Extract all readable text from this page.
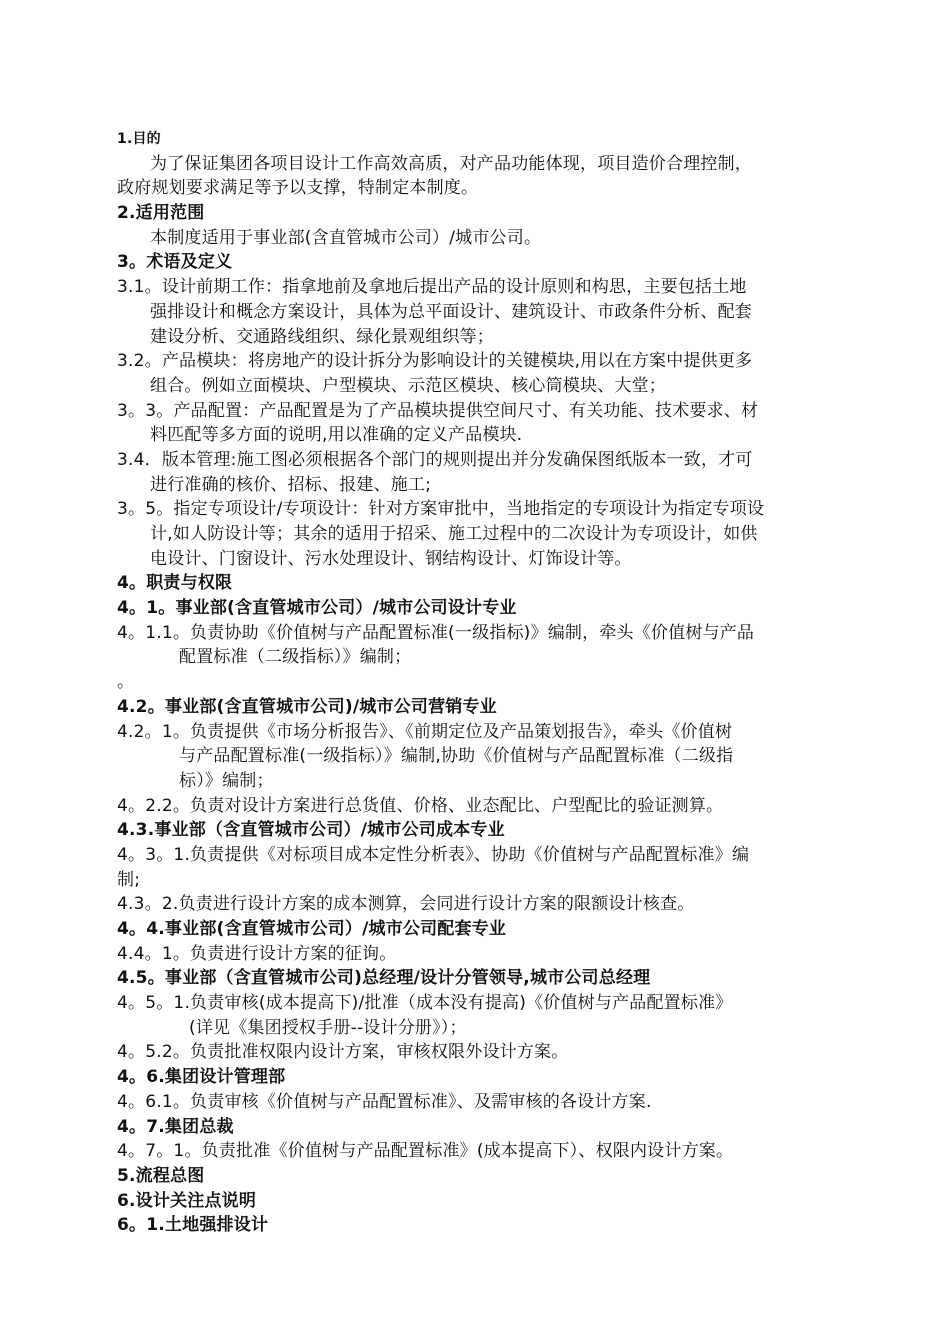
1.目的

为了保证集团各项目设计工作高效高质，对产品功能体现，项目造价合理控制，

政府规划要求满足等予以支撑，特制定本制度。

2.适用范围

本制度适用于事业部(含直管城市公司）/城市公司。

3。术语及定义

3.1。设计前期工作：指拿地前及拿地后提出产品的设计原则和构思，主要包括土地

强排设计和概念方案设计，具体为总平面设计、建筑设计、市政条件分析、配套

建设分析、交通路线组织、绿化景观组织等；

3.2。产品模块：将房地产的设计拆分为影响设计的关键模块,用以在方案中提供更多

组合。例如立面模块、户型模块、示范区模块、核心筒模块、大堂；

3。3。产品配置：产品配置是为了产品模块提供空间尺寸、有关功能、技术要求、材

料匹配等多方面的说明,用以准确的定义产品模块.

3.4．版本管理:施工图必须根据各个部门的规则提出并分发确保图纸版本一致，才可

进行准确的核价、招标、报建、施工;

3。5。指定专项设计/专项设计：针对方案审批中，当地指定的专项设计为指定专项设

计,如人防设计等；其余的适用于招采、施工过程中的二次设计为专项设计，如供

电设计、门窗设计、污水处理设计、钢结构设计、灯饰设计等。

4。职责与权限

4。1。事业部(含直管城市公司）/城市公司设计专业

4。1.1。负责协助《价值树与产品配置标准(一级指标)》编制，牵头《价值树与产品

配置标准（二级指标）》编制；

。

4.2。事业部(含直管城市公司)/城市公司营销专业

4.2。1。负责提供《市场分析报告》、《前期定位及产品策划报告》，牵头《价值树

与产品配置标准(一级指标）》编制,协助《价值树与产品配置标准（二级指

标）》编制；

4。2.2。负责对设计方案进行总货值、价格、业态配比、户型配比的验证测算。

4.3.事业部（含直管城市公司）/城市公司成本专业

4。3。1.负责提供《对标项目成本定性分析表》、协助《价值树与产品配置标准》编

制;

4.3。2.负责进行设计方案的成本测算，会同进行设计方案的限额设计核查。

4。4.事业部(含直管城市公司）/城市公司配套专业

4.4。1。负责进行设计方案的征询。

4.5。事业部（含直管城市公司)总经理/设计分管领导,城市公司总经理

4。5。1.负责审核(成本提高下)/批准（成本没有提高)《价值树与产品配置标准》

(详见《集团授权手册--设计分册》）；

4。5.2。负责批准权限内设计方案，审核权限外设计方案。

4。6.集团设计管理部

4。6.1。负责审核《价值树与产品配置标准》、及需审核的各设计方案.

4。7.集团总裁

4。7。1。负责批准《价值树与产品配置标准》(成本提高下）、权限内设计方案。

5.流程总图

6.设计关注点说明

6。1.土地强排设计
